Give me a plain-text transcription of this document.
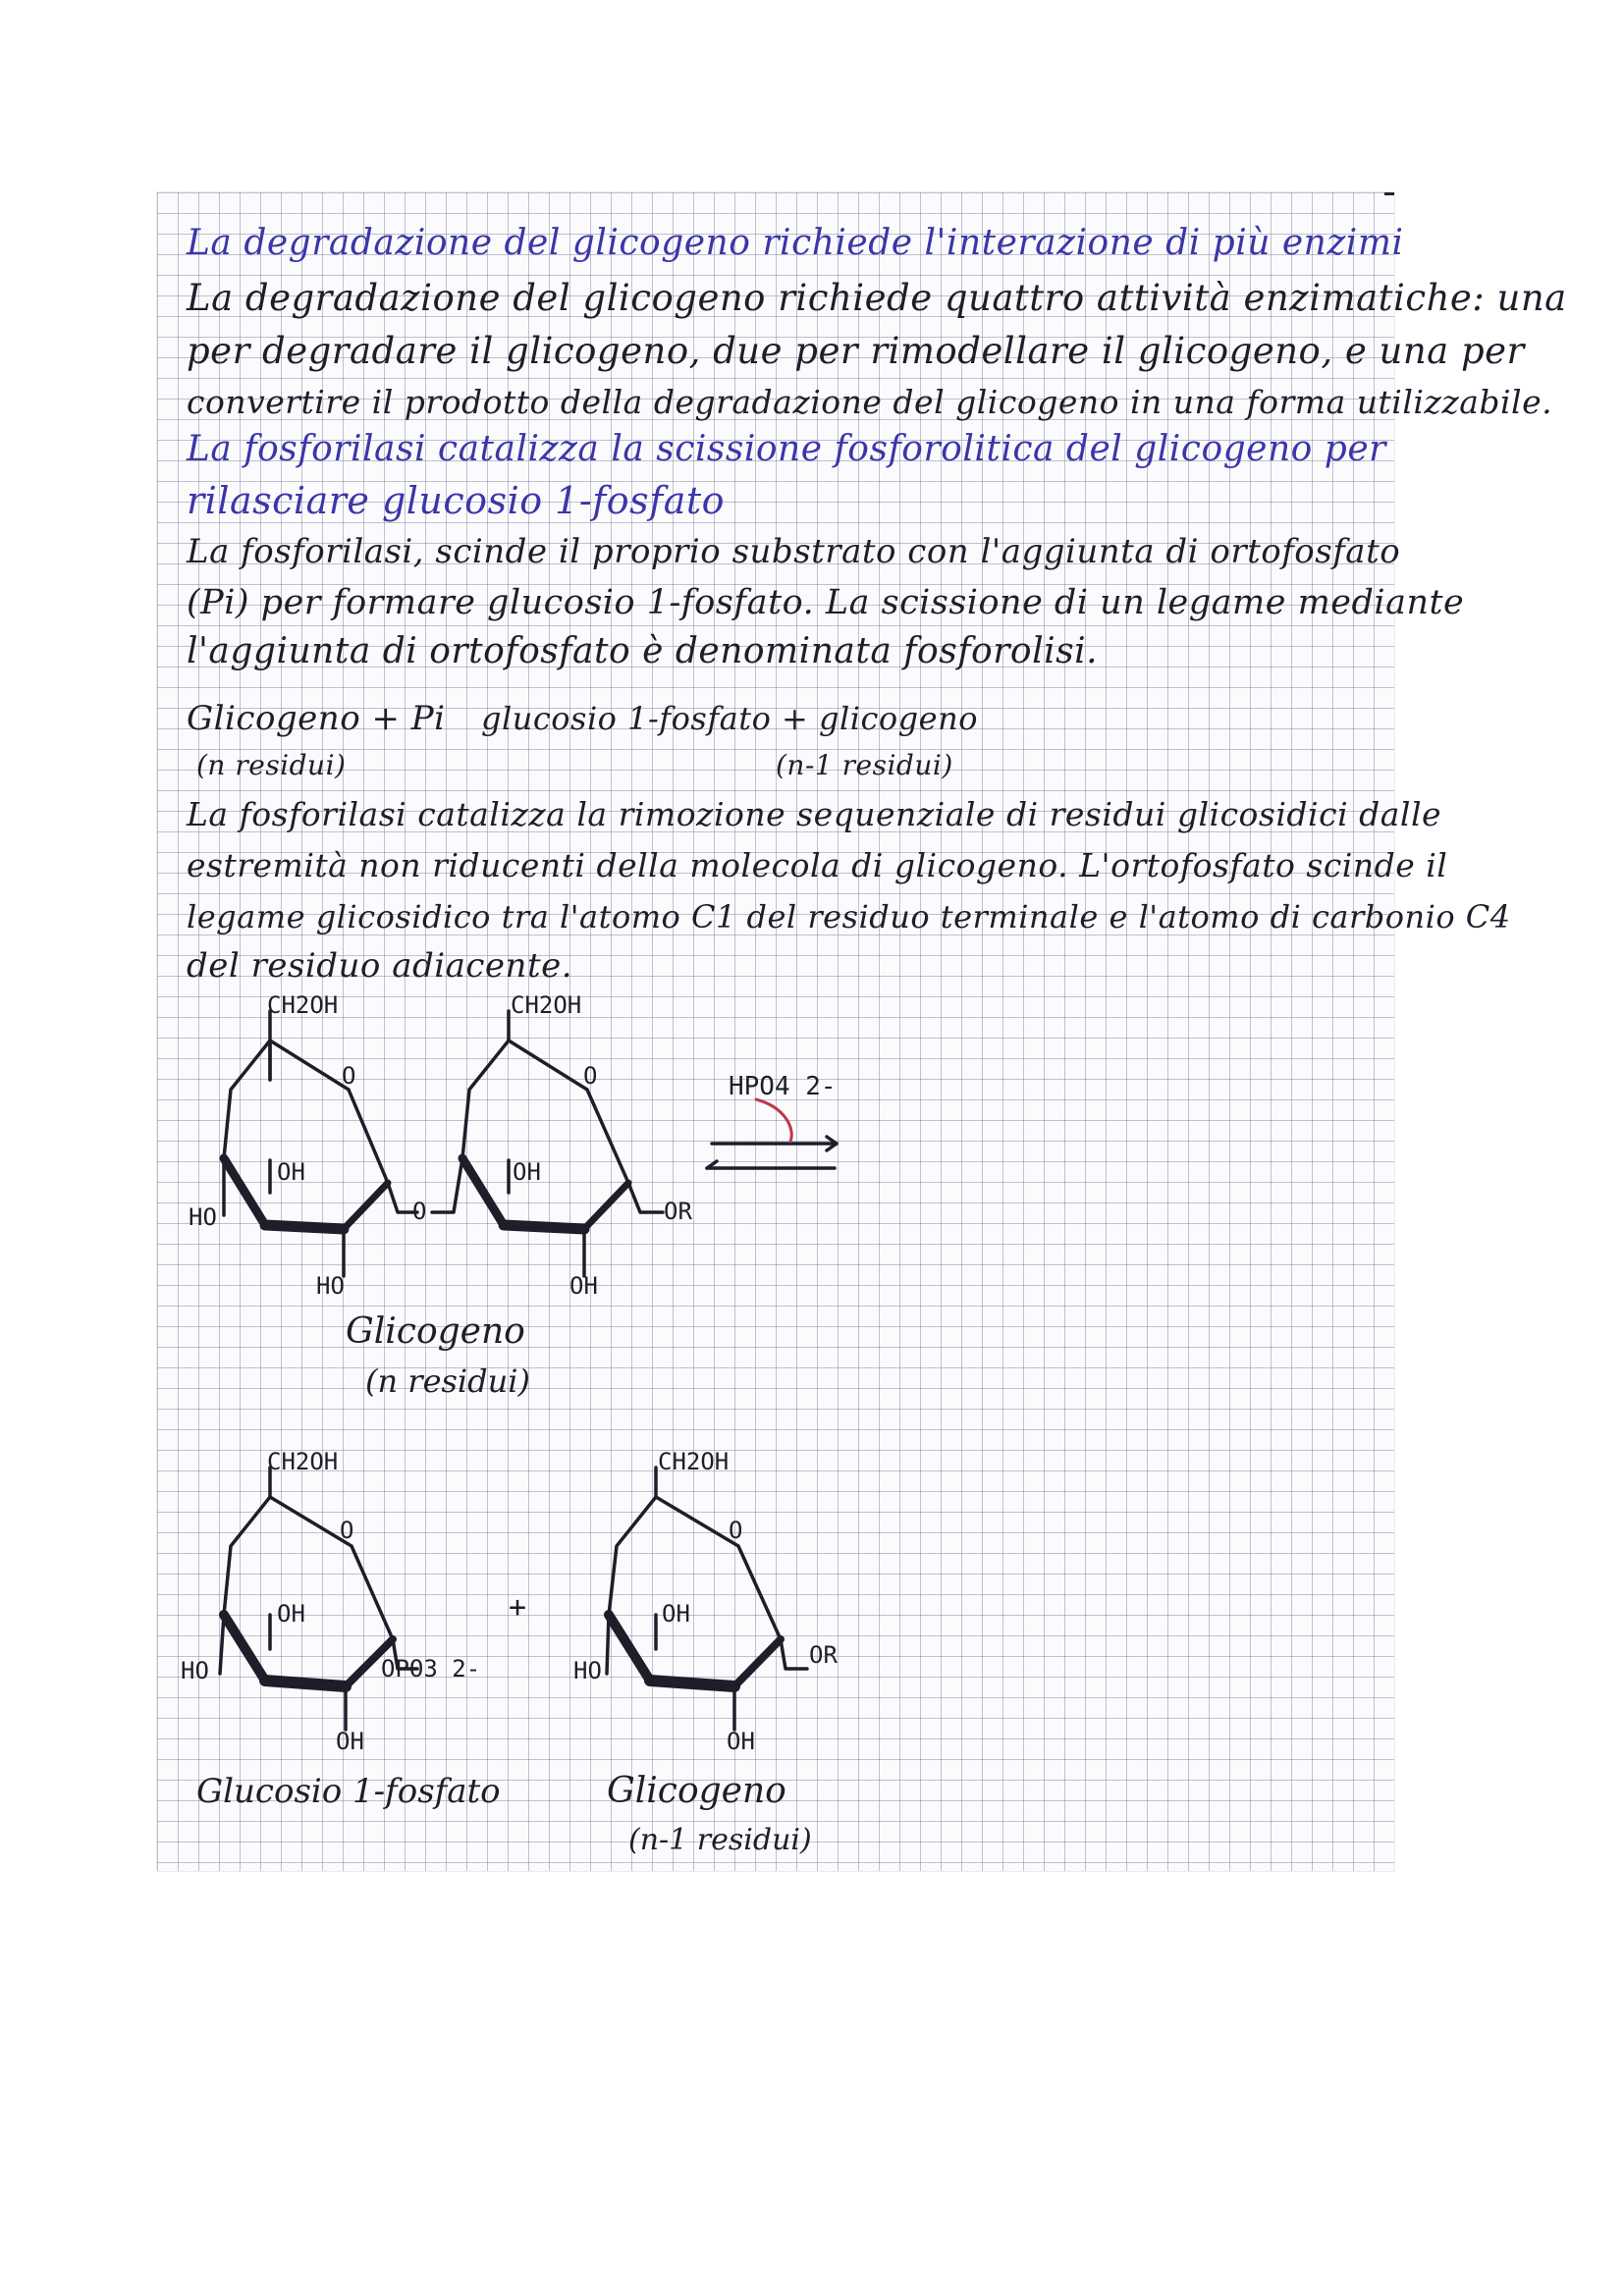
La degradazione del glicogeno richiede l'interazione di più enzimi
La degradazione del glicogeno richiede quattro attività enzimatiche: una
per degradare il glicogeno, due per rimodellare il glicogeno, e una per
convertire il prodotto della degradazione del glicogeno in una forma utilizzabile.
La fosforilasi catalizza la scissione fosforolitica del glicogeno per
rilasciare glucosio 1-fosfato
La fosforilasi, scinde il proprio substrato con l'aggiunta di ortofosfato
(Pi) per formare glucosio 1-fosfato. La scissione di un legame mediante
l'aggiunta di ortofosfato è denominata fosforolisi.
Glicogeno + Pi
(n residui)
glucosio 1-fosfato + glicogeno
(n-1 residui)
La fosforilasi catalizza la rimozione sequenziale di residui glicosidici dalle
estremità non riducenti della molecola di glicogeno. L'ortofosfato scinde il
legame glicosidico tra l'atomo C1 del residuo terminale e l'atomo di carbonio C4
del residuo adiacente.
CH2OH
O
OH
HO
HO
O
CH2OH
O
OH
OH
OR
HPO4 2-
Glicogeno
(n residui)
CH2OH
O
OH
HO
OH
OPO3 2-
+
CH2OH
O
OH
HO
OH
OR
Glucosio 1-fosfato	Glicogeno
(n-1 residui)
